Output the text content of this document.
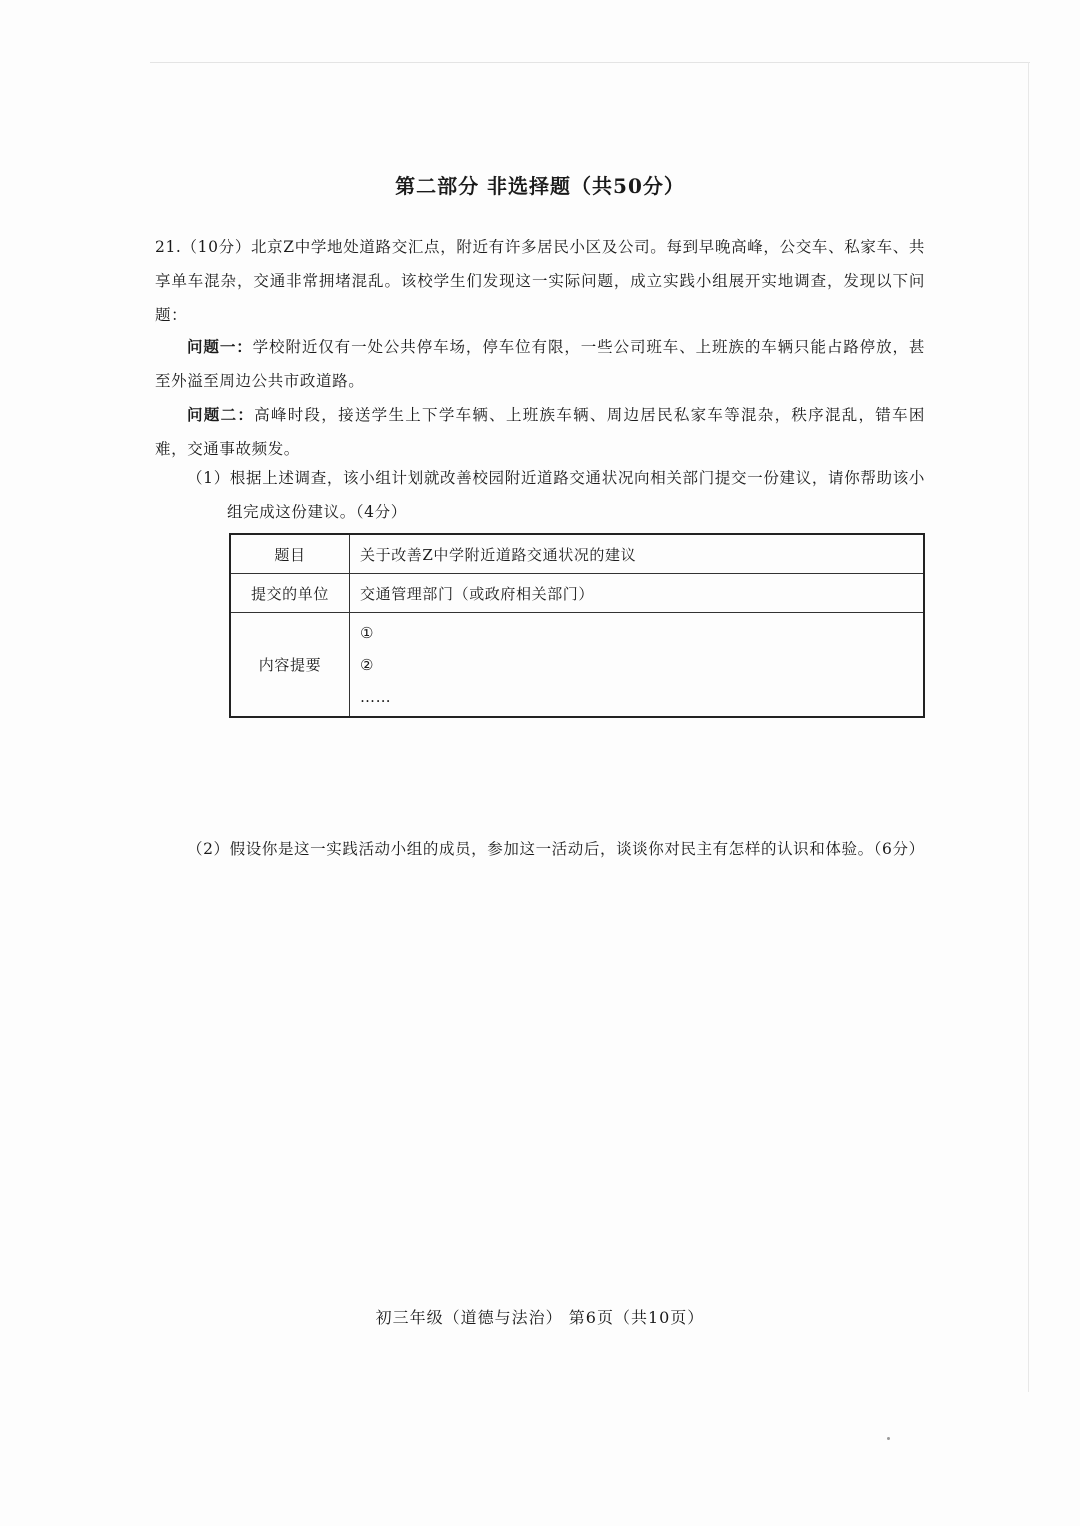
第二部分 非选择题（共50分）
21.（10分）北京Z中学地处道路交汇点，附近有许多居民小区及公司。每到早晚高峰，公交车、私家车、共享单车混杂，交通非常拥堵混乱。该校学生们发现这一实际问题，成立实践小组展开实地调查，发现以下问题：
问题一：学校附近仅有一处公共停车场，停车位有限，一些公司班车、上班族的车辆只能占路停放，甚至外溢至周边公共市政道路。
问题二：高峰时段，接送学生上下学车辆、上班族车辆、周边居民私家车等混杂，秩序混乱，错车困难，交通事故频发。
（1）根据上述调查，该小组计划就改善校园附近道路交通状况向相关部门提交一份建议，请你帮助该小组完成这份建议。（4分）
题目	关于改善Z中学附近道路交通状况的建议
提交的单位	交通管理部门（或政府相关部门）
内容提要	①
②
……
（2）假设你是这一实践活动小组的成员，参加这一活动后，谈谈你对民主有怎样的认识和体验。（6分）
初三年级（道德与法治） 第6页（共10页）
